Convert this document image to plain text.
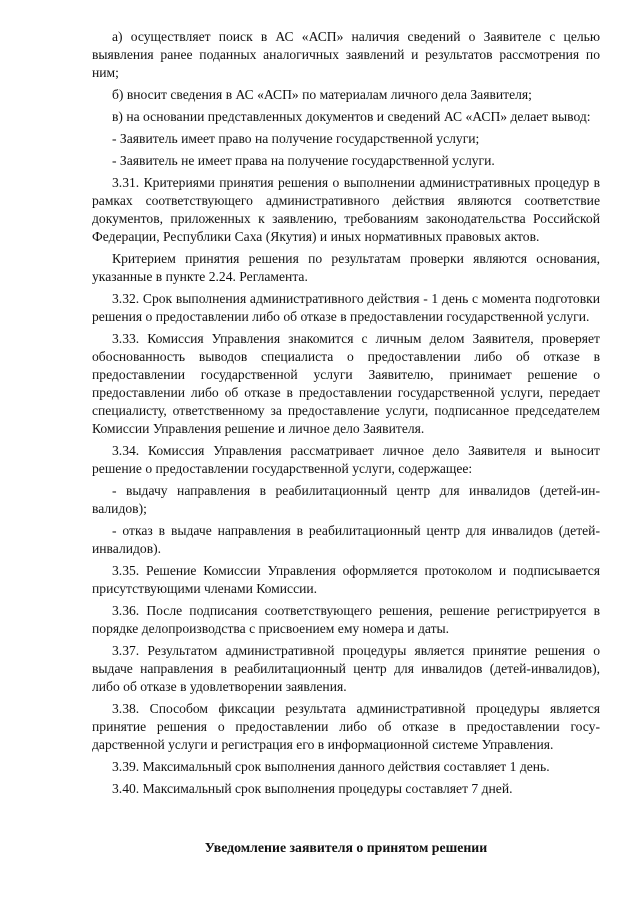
а) осуществляет поиск в АС «АСП» наличия сведений о Заявителе с целью выявления ранее поданных аналогичных заявлений и результатов рассмотрения по ним;

б) вносит сведения в АС «АСП» по материалам личного дела Заявителя;

в) на основании представленных документов и сведений АС «АСП» делает вывод:

- Заявитель имеет право на получение государственной услуги;

- Заявитель не имеет права на получение государственной услуги.

3.31. Критериями принятия решения о выполнении административных процедур в рамках соответствующего административного действия являются соответствие документов, приложенных к заявлению, требованиям законодательства Российской Федерации, Республики Саха (Якутия) и иных нормативных правовых актов.

Критерием принятия решения по результатам проверки являются основания, указанные в пункте 2.24. Регламента.

3.32. Срок выполнения административного действия - 1 день с момента подготовки решения о предоставлении либо об отказе в предоставлении государственной услуги.

3.33. Комиссия Управления знакомится с личным делом Заявителя, проверяет обоснованность выводов специалиста о предоставлении либо об отказе в предоставлении государственной услуги Заявителю, принимает решение о предоставлении либо об отказе в предоставлении государственной услуги, передает специалисту, ответственному за предоставление услуги, подписанное председателем Комиссии Управления решение и личное дело Заявителя.

3.34. Комиссия Управления рассматривает личное дело Заявителя и выносит решение о предоставлении государственной услуги, содержащее:

- выдачу направления в реабилитационный центр для инвалидов (детей-инвалидов);

- отказ в выдаче направления в реабилитационный центр для инвалидов (детей-инвалидов).

3.35. Решение Комиссии Управления оформляется протоколом и подписывается присутствующими членами Комиссии.

3.36. После подписания соответствующего решения, решение регистрируется в порядке делопроизводства с присвоением ему номера и даты.

3.37. Результатом административной процедуры является принятие решения о выдаче направления в реабилитационный центр для инвалидов (детей-инвалидов), либо об отказе в удовлетворении заявления.

3.38. Способом фиксации результата административной процедуры является принятие решения о предоставлении либо об отказе в предоставлении государственной услуги и регистрация его в информационной системе Управления.

3.39. Максимальный срок выполнения данного действия составляет 1 день.

3.40. Максимальный срок выполнения процедуры составляет 7 дней.

Уведомление заявителя о принятом решении
